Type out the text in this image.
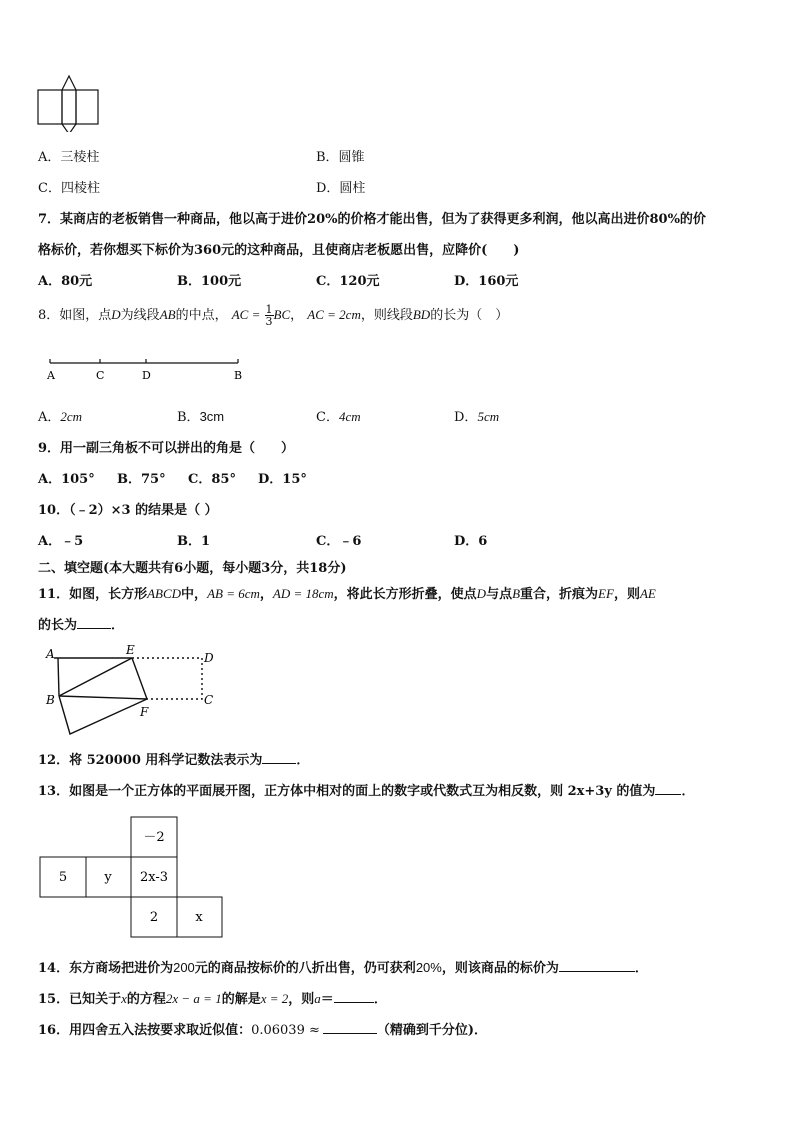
A．三棱柱	B．圆锥
C．四棱柱	D．圆柱
7．某商店的老板销售一种商品，他以高于进价20%的价格才能出售，但为了获得更多利润，他以高出进价80%的价
格标价，若你想买下标价为360元的这种商品，且使商店老板愿出售，应降价(　　)
A．80元	B．100元	C．120元	D．160元
8．如图，点D为线段AB的中点， AC = $\frac{1}{3}$ BC， AC = 2cm，则线段BD的长为（　）
A	C	D	B
A．2cm	B．3cm	C．4cm	D．5cm
9．用一副三角板不可以拼出的角是（　　）
A．105° B．75° C．85° D．15°
10．（﹣2）×3 的结果是（ ）
A．﹣5	B．1	C．﹣6	D．6
二、填空题(本大题共有6小题，每小题3分，共18分)
11．如图，长方形ABCD中，AB = 6cm，AD = 18cm，将此长方形折叠，使点D与点B重合，折痕为EF，则AE
的长为	．
A	E
D
B
F
C
12．将 520000 用科学记数法表示为	．
13．如图是一个正方体的平面展开图，正方体中相对的面上的数字或代数式互为相反数，则 2x+3y 的值为 ．
－2
5	y 2x-3
2	x
14．东方商场把进价为200元的商品按标价的八折出售，仍可获利20%，则该商品的标价为	．
15．已知关于x的方程2x − a = 1的解是x = 2，则a＝	．
16．用四舍五入法按要求取近似值：0.06039 ≈	（精确到千分位)．
